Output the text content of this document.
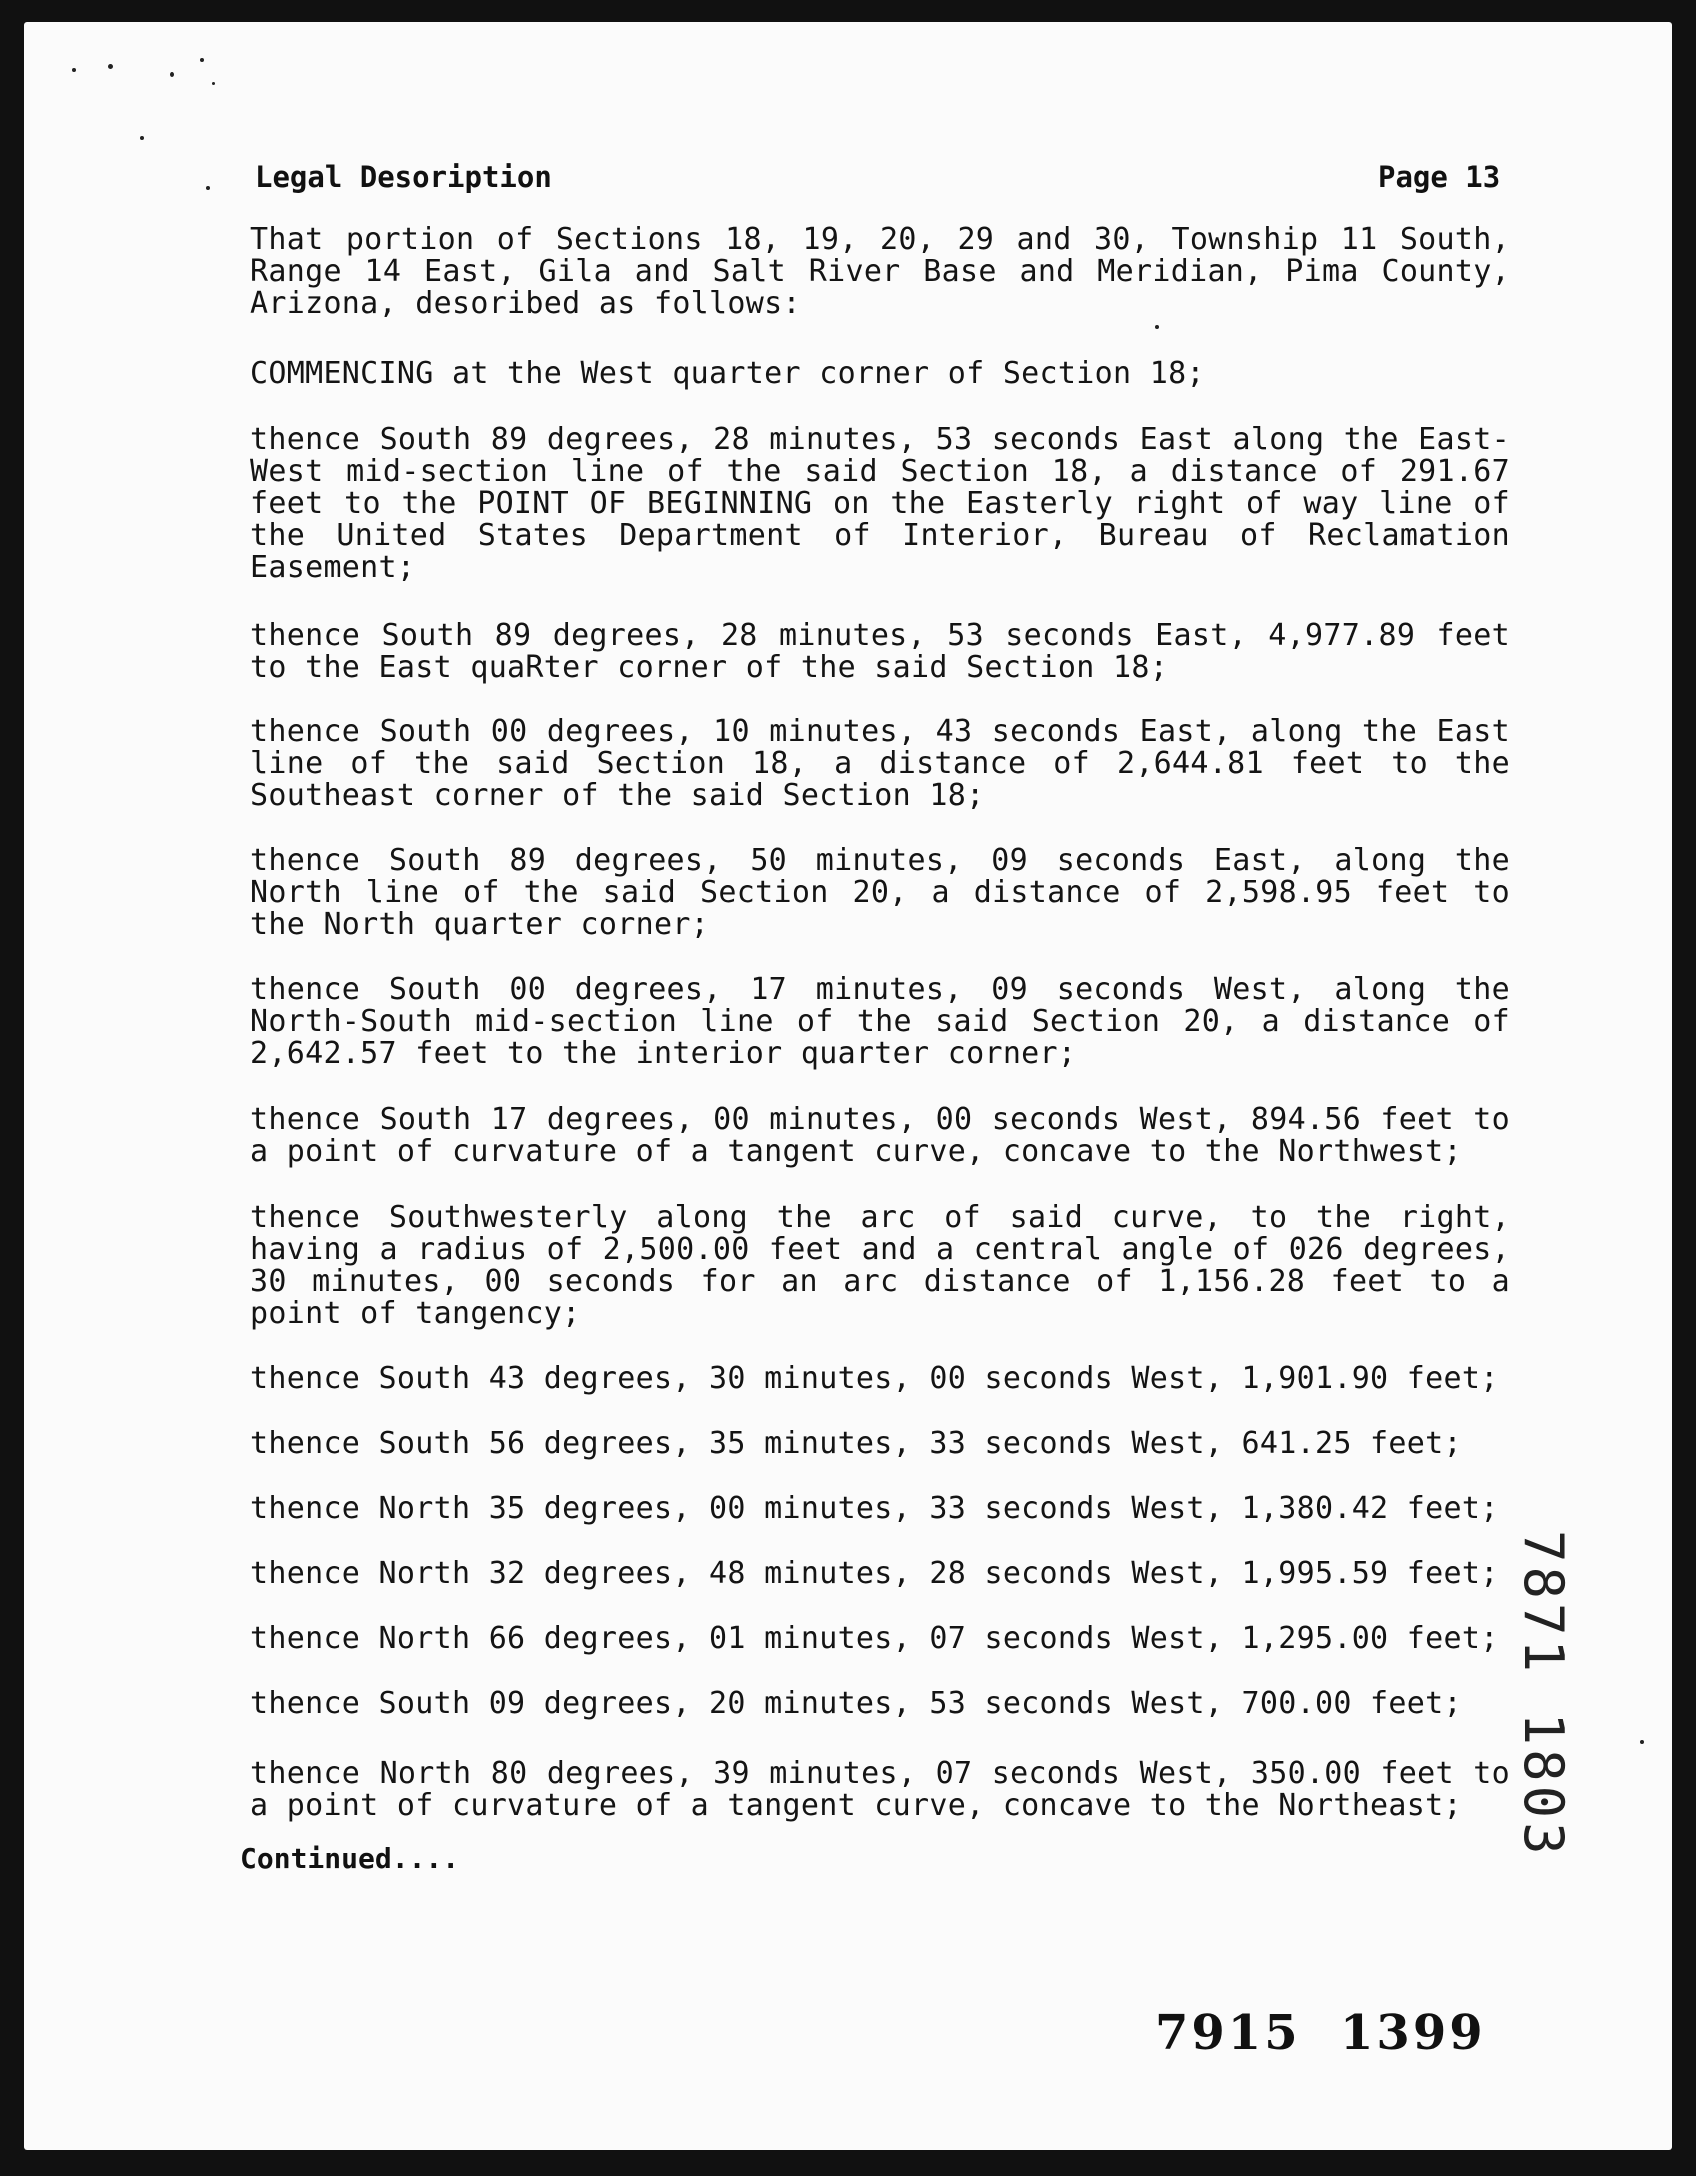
Legal Desoription	Page 13

That portion of Sections 18, 19, 20, 29 and 30, Township 11 South, Range 14 East, Gila and Salt River Base and Meridian, Pima County, Arizona, desoribed as follows:

COMMENCING at the West quarter corner of Section 18;

thence South 89 degrees, 28 minutes, 53 seconds East along the East-West mid-section line of the said Section 18, a distance of 291.67 feet to the POINT OF BEGINNING on the Easterly right of way line of the United States Department of Interior, Bureau of Reclamation Easement;

thence South 89 degrees, 28 minutes, 53 seconds East, 4,977.89 feet to the East quaRter corner of the said Section 18;

thence South 00 degrees, 10 minutes, 43 seconds East, along the East line of the said Section 18, a distance of 2,644.81 feet to the Southeast corner of the said Section 18;

thence South 89 degrees, 50 minutes, 09 seconds East, along the North line of the said Section 20, a distance of 2,598.95 feet to the North quarter corner;

thence South 00 degrees, 17 minutes, 09 seconds West, along the North-South mid-section line of the said Section 20, a distance of 2,642.57 feet to the interior quarter corner;

thence South 17 degrees, 00 minutes, 00 seconds West, 894.56 feet to a point of curvature of a tangent curve, concave to the Northwest;

thence Southwesterly along the arc of said curve, to the right, having a radius of 2,500.00 feet and a central angle of 026 degrees, 30 minutes, 00 seconds for an arc distance of 1,156.28 feet to a point of tangency;

thence South 43 degrees, 30 minutes, 00 seconds West, 1,901.90 feet;

thence South 56 degrees, 35 minutes, 33 seconds West, 641.25 feet;

thence North 35 degrees, 00 minutes, 33 seconds West, 1,380.42 feet;

thence North 32 degrees, 48 minutes, 28 seconds West, 1,995.59 feet;

thence North 66 degrees, 01 minutes, 07 seconds West, 1,295.00 feet;

thence South 09 degrees, 20 minutes, 53 seconds West, 700.00 feet;

thence North 80 degrees, 39 minutes, 07 seconds West, 350.00 feet to a point of curvature of a tangent curve, concave to the Northeast;

Continued....	7871 1803
7915  1399
